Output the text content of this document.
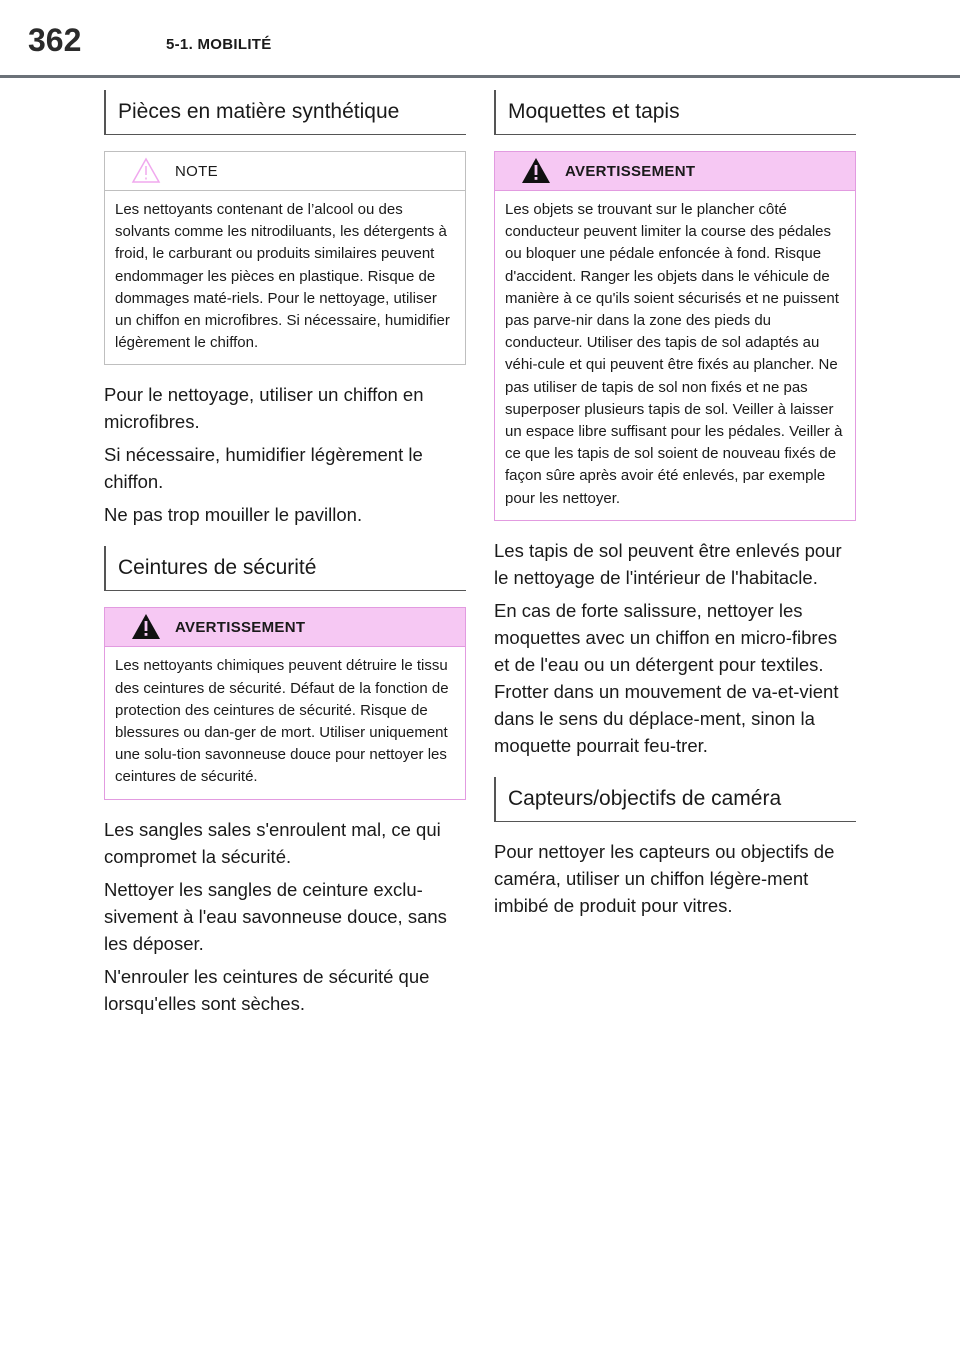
362	5-1. MOBILITÉ
Pièces en matière synthétique
NOTE
Les nettoyants contenant de l’alcool ou des solvants comme les nitrodiluants, les détergents à froid, le carburant ou produits similaires peuvent endommager les pièces en plastique. Risque de dommages maté-riels. Pour le nettoyage, utiliser un chiffon en microfibres. Si nécessaire, humidifier légèrement le chiffon.

Pour le nettoyage, utiliser un chiffon en microfibres.

Si nécessaire, humidifier légèrement le chiffon.

Ne pas trop mouiller le pavillon.

Ceintures de sécurité
AVERTISSEMENT
Les nettoyants chimiques peuvent détruire le tissu des ceintures de sécurité. Défaut de la fonction de protection des ceintures de sécurité. Risque de blessures ou dan-ger de mort. Utiliser uniquement une solu-tion savonneuse douce pour nettoyer les ceintures de sécurité.

Les sangles sales s'enroulent mal, ce qui compromet la sécurité.

Nettoyer les sangles de ceinture exclu-sivement à l'eau savonneuse douce, sans les déposer.

N'enrouler les ceintures de sécurité que lorsqu'elles sont sèches.

Moquettes et tapis
AVERTISSEMENT
Les objets se trouvant sur le plancher côté conducteur peuvent limiter la course des pédales ou bloquer une pédale enfoncée à fond. Risque d'accident. Ranger les objets dans le véhicule de manière à ce qu'ils soient sécurisés et ne puissent pas parve-nir dans la zone des pieds du conducteur. Utiliser des tapis de sol adaptés au véhi-cule et qui peuvent être fixés au plancher. Ne pas utiliser de tapis de sol non fixés et ne pas superposer plusieurs tapis de sol. Veiller à laisser un espace libre suffisant pour les pédales. Veiller à ce que les tapis de sol soient de nouveau fixés de façon sûre après avoir été enlevés, par exemple pour les nettoyer.

Les tapis de sol peuvent être enlevés pour le nettoyage de l'intérieur de l'habitacle.

En cas de forte salissure, nettoyer les moquettes avec un chiffon en micro-fibres et de l'eau ou un détergent pour textiles. Frotter dans un mouvement de va-et-vient dans le sens du déplace-ment, sinon la moquette pourrait feu-trer.

Capteurs/objectifs de caméra

Pour nettoyer les capteurs ou objectifs de caméra, utiliser un chiffon légère-ment imbibé de produit pour vitres.
